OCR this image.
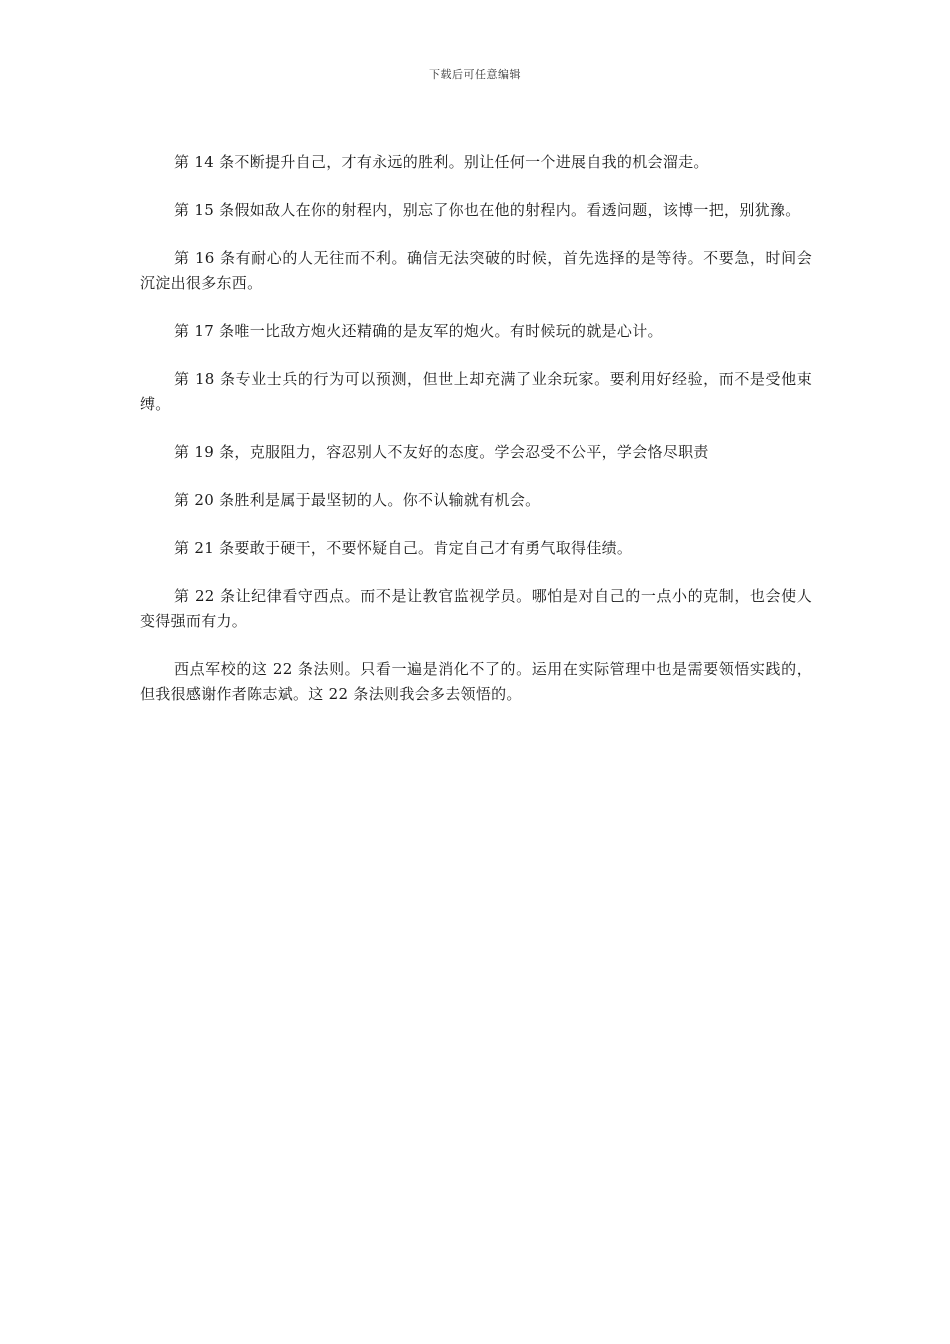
下载后可任意编辑

第 14 条不断提升自己，才有永远的胜利。别让任何一个进展自我的机会溜走。

第 15 条假如敌人在你的射程内，别忘了你也在他的射程内。看透问题，该博一把，别犹豫。

第 16 条有耐心的人无往而不利。确信无法突破的时候，首先选择的是等待。不要急，时间会沉淀出很多东西。

第 17 条唯一比敌方炮火还精确的是友军的炮火。有时候玩的就是心计。

第 18 条专业士兵的行为可以预测，但世上却充满了业余玩家。要利用好经验，而不是受他束缚。

第 19 条，克服阻力，容忍别人不友好的态度。学会忍受不公平，学会恪尽职责

第 20 条胜利是属于最坚韧的人。你不认输就有机会。

第 21 条要敢于硬干，不要怀疑自己。肯定自己才有勇气取得佳绩。

第 22 条让纪律看守西点。而不是让教官监视学员。哪怕是对自己的一点小的克制，也会使人变得强而有力。

西点军校的这 22 条法则。只看一遍是消化不了的。运用在实际管理中也是需要领悟实践的，但我很感谢作者陈志斌。这 22 条法则我会多去领悟的。
